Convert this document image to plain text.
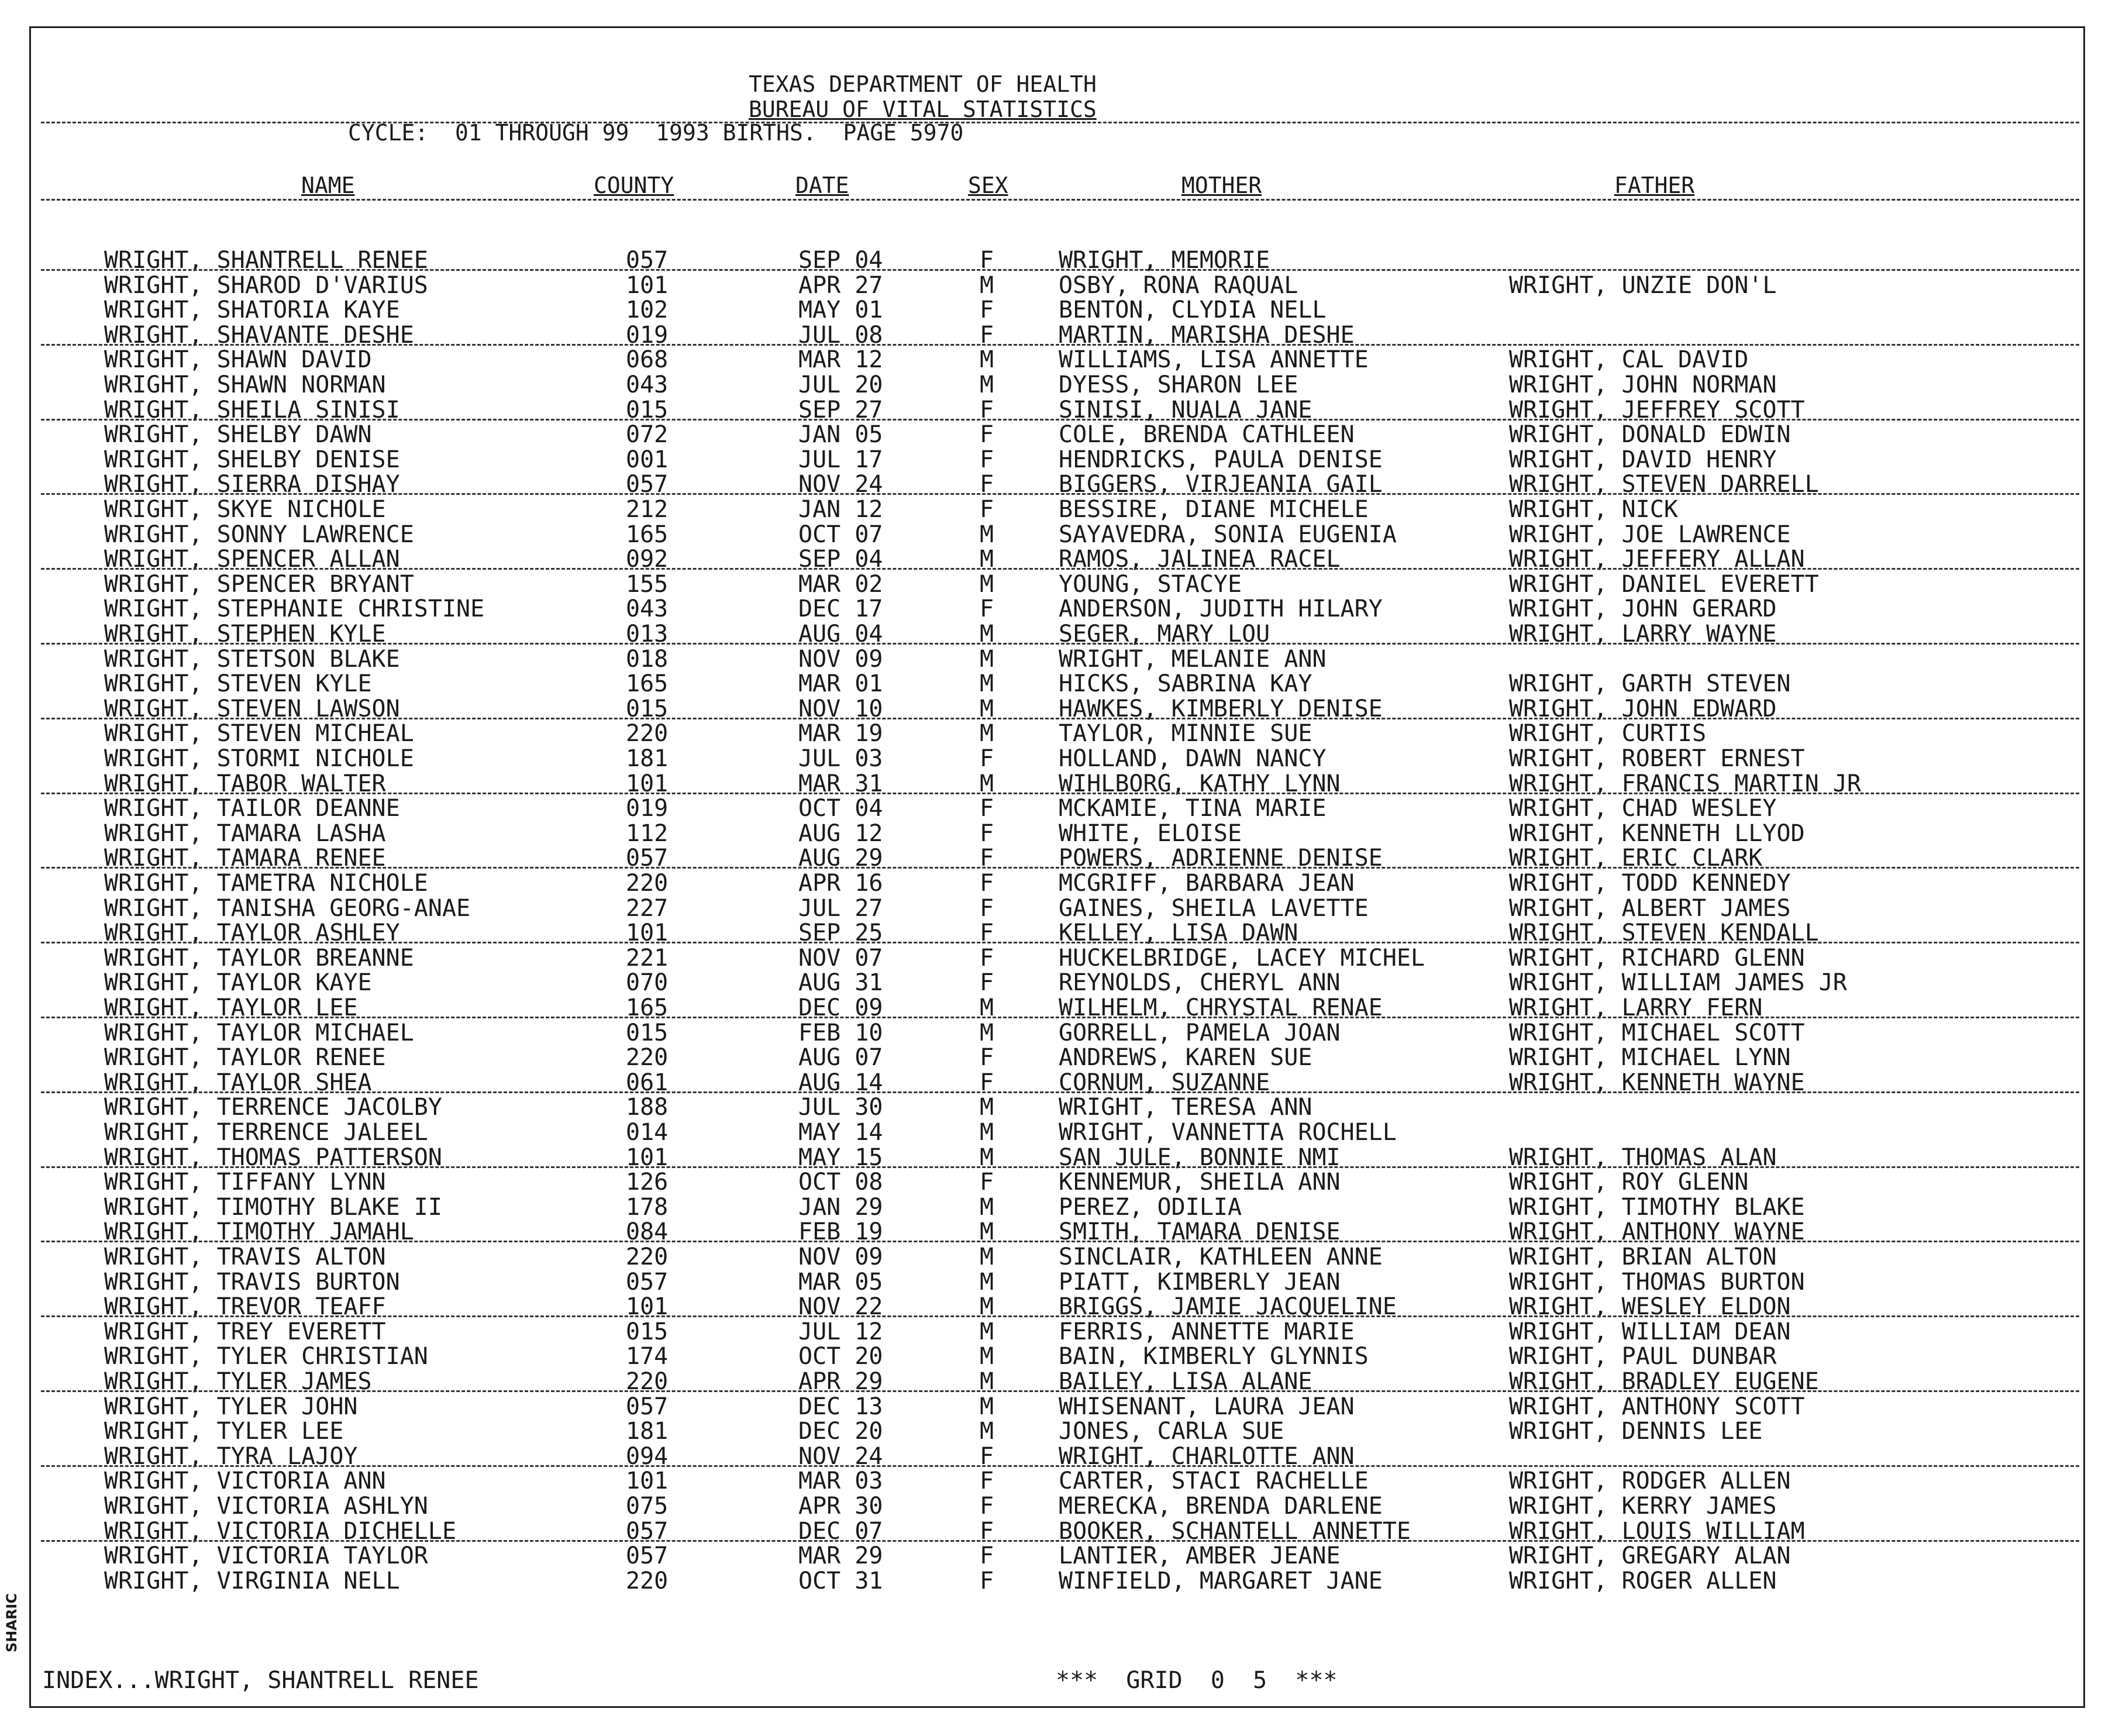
TEXAS DEPARTMENT OF HEALTH
BUREAU OF VITAL STATISTICS
CYCLE:  01 THROUGH 99  1993 BIRTHS.  PAGE 5970
NAME	COUNTY	DATE	SEX	MOTHER	FATHER
WRIGHT, SHANTRELL RENEE	057	SEP 04	F	WRIGHT, MEMORIE
WRIGHT, SHAROD D'VARIUS	101	APR 27	M	OSBY, RONA RAQUAL	WRIGHT, UNZIE DON'L
WRIGHT, SHATORIA KAYE	102	MAY 01	F	BENTON, CLYDIA NELL
WRIGHT, SHAVANTE DESHE	019	JUL 08	F	MARTIN, MARISHA DESHE
WRIGHT, SHAWN DAVID	068	MAR 12	M	WILLIAMS, LISA ANNETTE	WRIGHT, CAL DAVID
WRIGHT, SHAWN NORMAN	043	JUL 20	M	DYESS, SHARON LEE	WRIGHT, JOHN NORMAN
WRIGHT, SHEILA SINISI	015	SEP 27	F	SINISI, NUALA JANE	WRIGHT, JEFFREY SCOTT
WRIGHT, SHELBY DAWN	072	JAN 05	F	COLE, BRENDA CATHLEEN	WRIGHT, DONALD EDWIN
WRIGHT, SHELBY DENISE	001	JUL 17	F	HENDRICKS, PAULA DENISE	WRIGHT, DAVID HENRY
WRIGHT, SIERRA DISHAY	057	NOV 24	F	BIGGERS, VIRJEANIA GAIL	WRIGHT, STEVEN DARRELL
WRIGHT, SKYE NICHOLE	212	JAN 12	F	BESSIRE, DIANE MICHELE	WRIGHT, NICK
WRIGHT, SONNY LAWRENCE	165	OCT 07	M	SAYAVEDRA, SONIA EUGENIA	WRIGHT, JOE LAWRENCE
WRIGHT, SPENCER ALLAN	092	SEP 04	M	RAMOS, JALINEA RACEL	WRIGHT, JEFFERY ALLAN
WRIGHT, SPENCER BRYANT	155	MAR 02	M	YOUNG, STACYE	WRIGHT, DANIEL EVERETT
WRIGHT, STEPHANIE CHRISTINE	043	DEC 17	F	ANDERSON, JUDITH HILARY	WRIGHT, JOHN GERARD
WRIGHT, STEPHEN KYLE	013	AUG 04	M	SEGER, MARY LOU	WRIGHT, LARRY WAYNE
WRIGHT, STETSON BLAKE	018	NOV 09	M	WRIGHT, MELANIE ANN
WRIGHT, STEVEN KYLE	165	MAR 01	M	HICKS, SABRINA KAY	WRIGHT, GARTH STEVEN
WRIGHT, STEVEN LAWSON	015	NOV 10	M	HAWKES, KIMBERLY DENISE	WRIGHT, JOHN EDWARD
WRIGHT, STEVEN MICHEAL	220	MAR 19	M	TAYLOR, MINNIE SUE	WRIGHT, CURTIS
WRIGHT, STORMI NICHOLE	181	JUL 03	F	HOLLAND, DAWN NANCY	WRIGHT, ROBERT ERNEST
WRIGHT, TABOR WALTER	101	MAR 31	M	WIHLBORG, KATHY LYNN	WRIGHT, FRANCIS MARTIN JR
WRIGHT, TAILOR DEANNE	019	OCT 04	F	MCKAMIE, TINA MARIE	WRIGHT, CHAD WESLEY
WRIGHT, TAMARA LASHA	112	AUG 12	F	WHITE, ELOISE	WRIGHT, KENNETH LLYOD
WRIGHT, TAMARA RENEE	057	AUG 29	F	POWERS, ADRIENNE DENISE	WRIGHT, ERIC CLARK
WRIGHT, TAMETRA NICHOLE	220	APR 16	F	MCGRIFF, BARBARA JEAN	WRIGHT, TODD KENNEDY
WRIGHT, TANISHA GEORG-ANAE	227	JUL 27	F	GAINES, SHEILA LAVETTE	WRIGHT, ALBERT JAMES
WRIGHT, TAYLOR ASHLEY	101	SEP 25	F	KELLEY, LISA DAWN	WRIGHT, STEVEN KENDALL
WRIGHT, TAYLOR BREANNE	221	NOV 07	F	HUCKELBRIDGE, LACEY MICHEL	WRIGHT, RICHARD GLENN
WRIGHT, TAYLOR KAYE	070	AUG 31	F	REYNOLDS, CHERYL ANN	WRIGHT, WILLIAM JAMES JR
WRIGHT, TAYLOR LEE	165	DEC 09	M	WILHELM, CHRYSTAL RENAE	WRIGHT, LARRY FERN
WRIGHT, TAYLOR MICHAEL	015	FEB 10	M	GORRELL, PAMELA JOAN	WRIGHT, MICHAEL SCOTT
WRIGHT, TAYLOR RENEE	220	AUG 07	F	ANDREWS, KAREN SUE	WRIGHT, MICHAEL LYNN
WRIGHT, TAYLOR SHEA	061	AUG 14	F	CORNUM, SUZANNE	WRIGHT, KENNETH WAYNE
WRIGHT, TERRENCE JACOLBY	188	JUL 30	M	WRIGHT, TERESA ANN
WRIGHT, TERRENCE JALEEL	014	MAY 14	M	WRIGHT, VANNETTA ROCHELL
WRIGHT, THOMAS PATTERSON	101	MAY 15	M	SAN JULE, BONNIE NMI	WRIGHT, THOMAS ALAN
WRIGHT, TIFFANY LYNN	126	OCT 08	F	KENNEMUR, SHEILA ANN	WRIGHT, ROY GLENN
WRIGHT, TIMOTHY BLAKE II	178	JAN 29	M	PEREZ, ODILIA	WRIGHT, TIMOTHY BLAKE
WRIGHT, TIMOTHY JAMAHL	084	FEB 19	M	SMITH, TAMARA DENISE	WRIGHT, ANTHONY WAYNE
WRIGHT, TRAVIS ALTON	220	NOV 09	M	SINCLAIR, KATHLEEN ANNE	WRIGHT, BRIAN ALTON
WRIGHT, TRAVIS BURTON	057	MAR 05	M	PIATT, KIMBERLY JEAN	WRIGHT, THOMAS BURTON
WRIGHT, TREVOR TEAFF	101	NOV 22	M	BRIGGS, JAMIE JACQUELINE	WRIGHT, WESLEY ELDON
WRIGHT, TREY EVERETT	015	JUL 12	M	FERRIS, ANNETTE MARIE	WRIGHT, WILLIAM DEAN
WRIGHT, TYLER CHRISTIAN	174	OCT 20	M	BAIN, KIMBERLY GLYNNIS	WRIGHT, PAUL DUNBAR
WRIGHT, TYLER JAMES	220	APR 29	M	BAILEY, LISA ALANE	WRIGHT, BRADLEY EUGENE
WRIGHT, TYLER JOHN	057	DEC 13	M	WHISENANT, LAURA JEAN	WRIGHT, ANTHONY SCOTT
WRIGHT, TYLER LEE	181	DEC 20	M	JONES, CARLA SUE	WRIGHT, DENNIS LEE
WRIGHT, TYRA LAJOY	094	NOV 24	F	WRIGHT, CHARLOTTE ANN
WRIGHT, VICTORIA ANN	101	MAR 03	F	CARTER, STACI RACHELLE	WRIGHT, RODGER ALLEN
WRIGHT, VICTORIA ASHLYN	075	APR 30	F	MERECKA, BRENDA DARLENE	WRIGHT, KERRY JAMES
WRIGHT, VICTORIA DICHELLE	057	DEC 07	F	BOOKER, SCHANTELL ANNETTE	WRIGHT, LOUIS WILLIAM
WRIGHT, VICTORIA TAYLOR	057	MAR 29	F	LANTIER, AMBER JEANE	WRIGHT, GREGARY ALAN
WRIGHT, VIRGINIA NELL	220	OCT 31	F	WINFIELD, MARGARET JANE	WRIGHT, ROGER ALLEN
INDEX...WRIGHT, SHANTRELL RENEE	***  GRID  0  5  ***
SHARIC
